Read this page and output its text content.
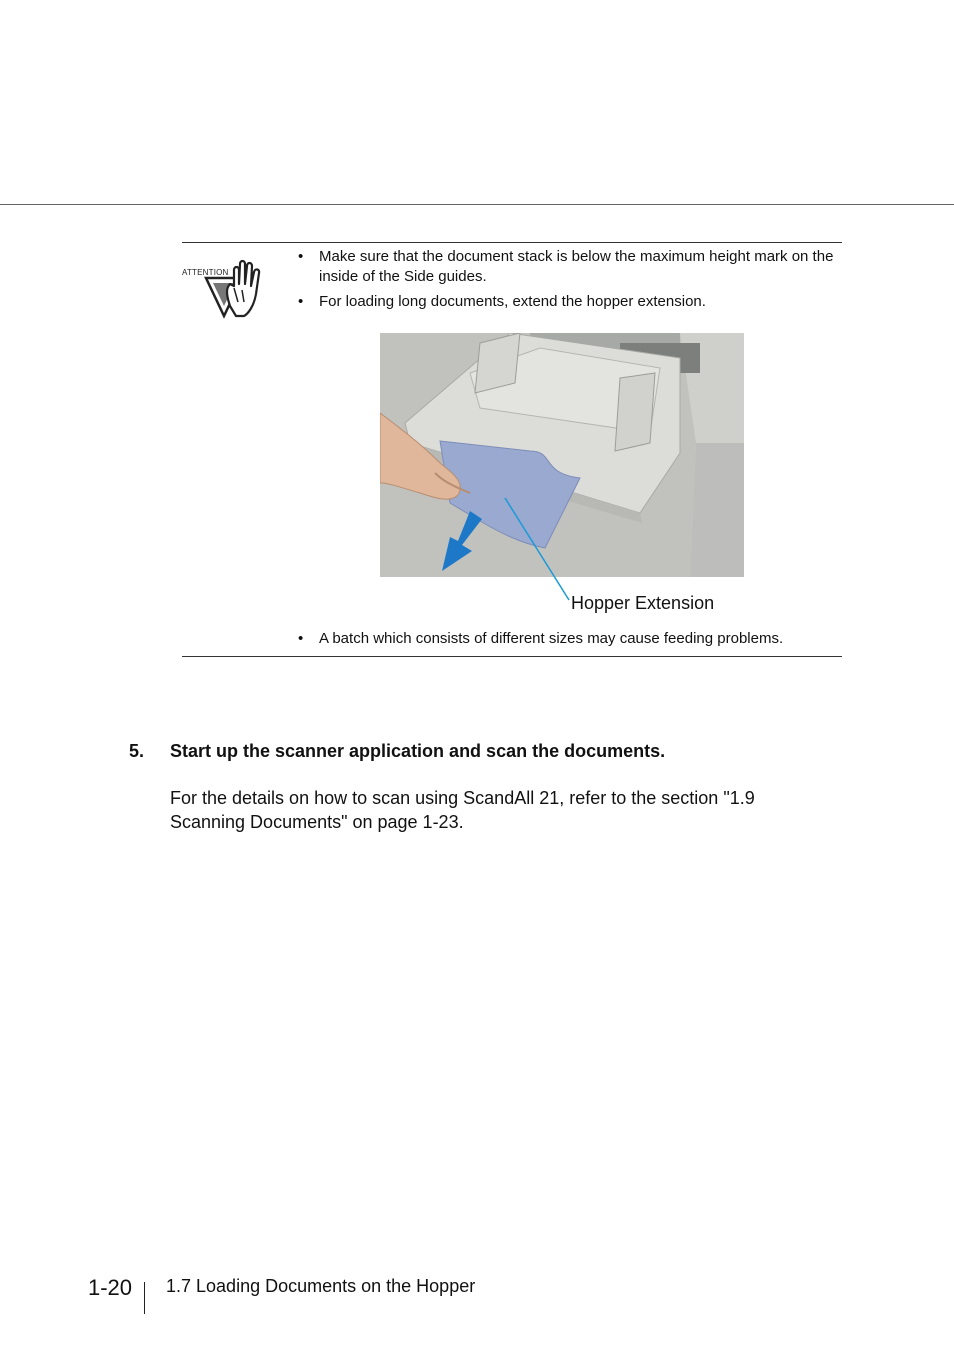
ATTENTION
• Make sure that the document stack is below the maximum height mark on the inside of the Side guides.
• For loading long documents, extend the hopper extension.
Hopper Extension
• A batch which consists of different sizes may cause feeding problems.
5. Start up the scanner application and scan the documents.
For the details on how to scan using ScandAll 21, refer to the section "1.9 Scanning Documents" on page 1-23.
1-20 1.7 Loading Documents on the Hopper
